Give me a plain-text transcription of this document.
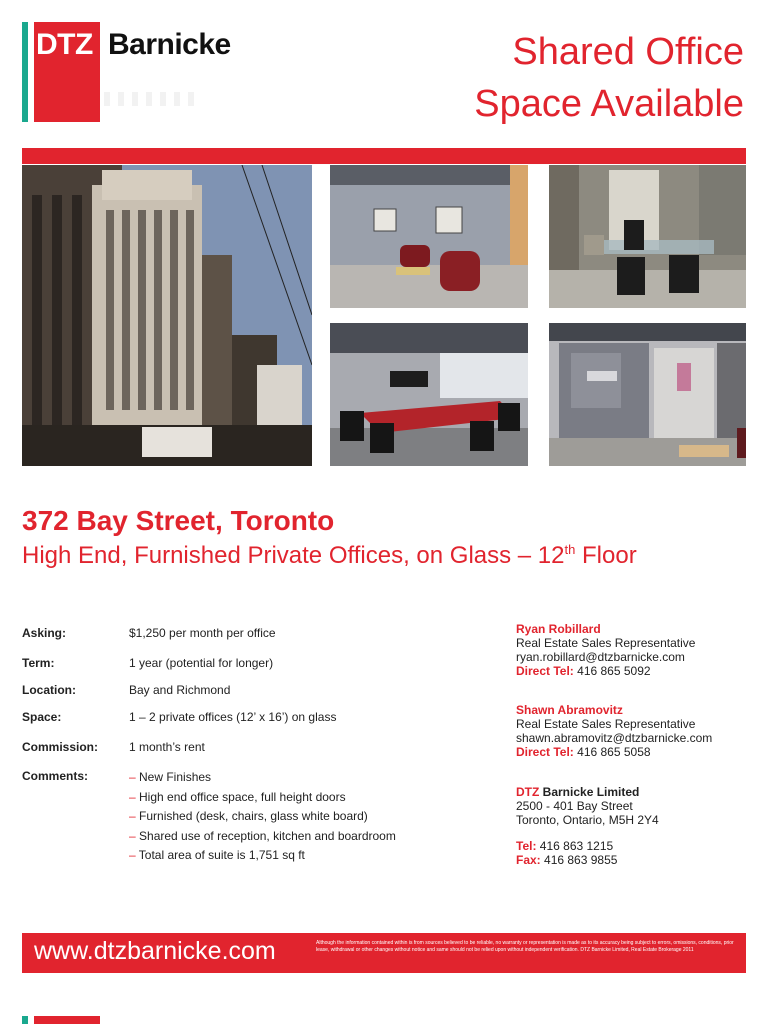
DTZ Barnicke	Shared Office
Space Available
372 Bay Street, Toronto
High End, Furnished Private Offices, on Glass – 12th Floor
Asking:	$1,250 per month per office
Term:	1 year (potential for longer)
Location:	Bay and Richmond
Space:	1 – 2 private offices (12’ x 16’) on glass
Commission:	1 month’s rent
Comments:	– New Finishes
– High end office space, full height doors
– Furnished (desk, chairs, glass white board)
– Shared use of reception, kitchen and boardroom
– Total area of suite is 1,751 sq ft
Ryan Robillard
Real Estate Sales Representative
ryan.robillard@dtzbarnicke.com
Direct Tel: 416 865 5092
Shawn Abramovitz
Real Estate Sales Representative
shawn.abramovitz@dtzbarnicke.com
Direct Tel: 416 865 5058
DTZ Barnicke Limited
2500 - 401 Bay Street
Toronto, Ontario, M5H 2Y4
Tel: 416 863 1215
Fax: 416 863 9855
www.dtzbarnicke.com	Although the information contained within is from sources believed to be reliable, no warranty or representation is made as to its accuracy being subject to errors, omissions, conditions, prior lease, withdrawal or other changes without notice and same should not be relied upon without independent verification. DTZ Barnicke Limited, Real Estate Brokerage 2011
